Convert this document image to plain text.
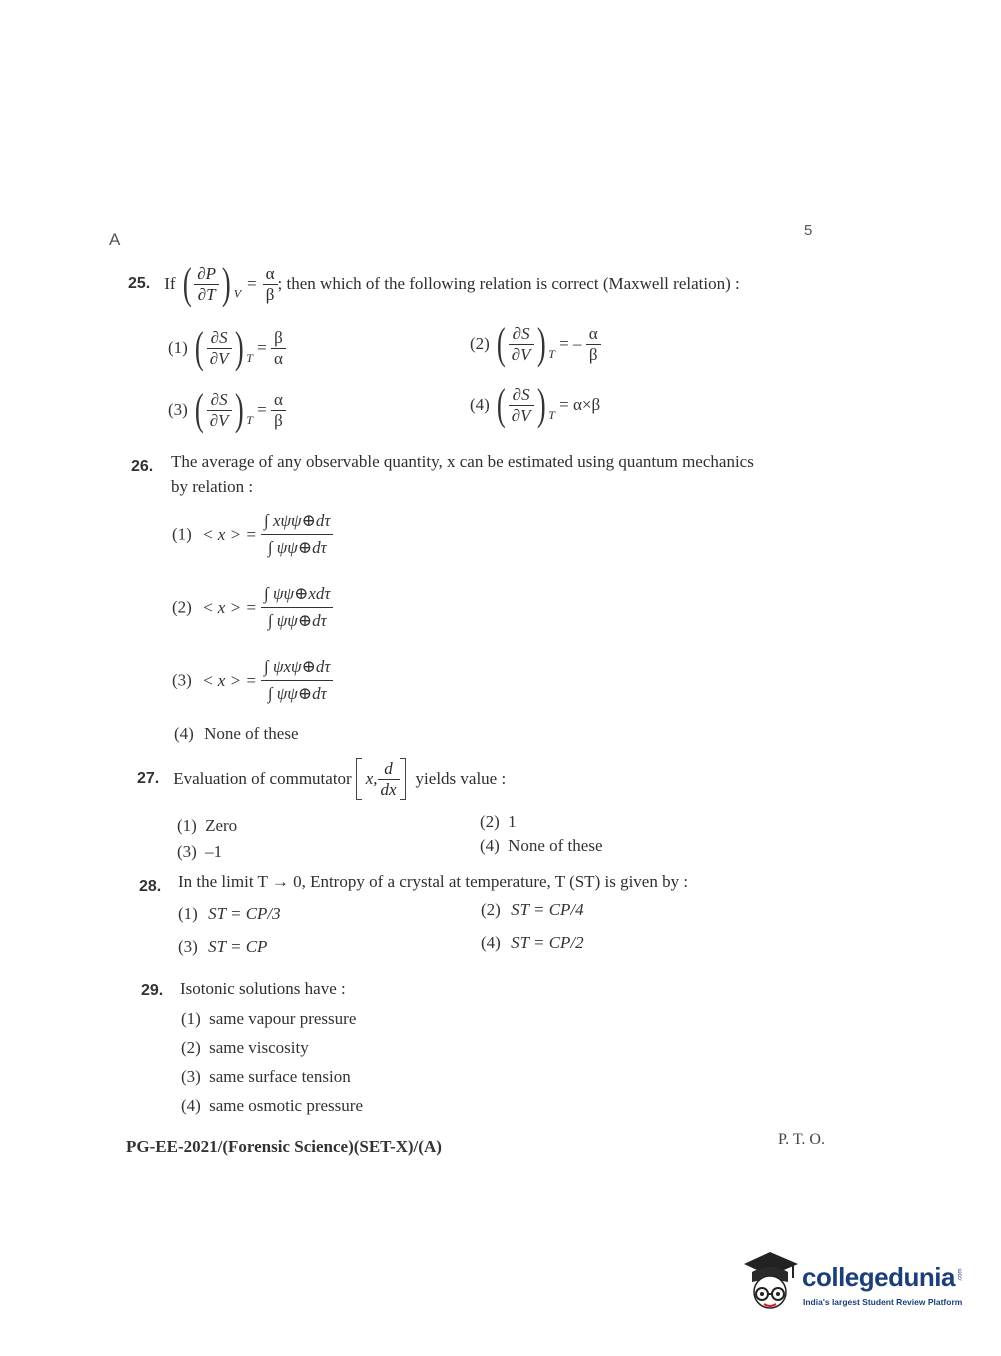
A	5
25. If ( $\frac{\partial P}{\partial T}$ ) $_V = \frac{\alpha}{\beta}$ ; then which of the following relation is correct (Maxwell relation) :
(1) ( $\frac{\partial S}{\partial V}$ ) $_T = \frac{\beta}{\alpha}$	(2) ( $\frac{\partial S}{\partial V}$ ) $_T$ = – $\frac{\alpha}{\beta}$
(3) ( $\frac{\partial S}{\partial V}$ ) $_T = \frac{\alpha}{\beta}$	(4) ( $\frac{\partial S}{\partial V}$ ) $_T$ = α×β
26. The average of any observable quantity, x can be estimated using quantum mechanics
by relation :
(1) < x > = $\frac{\text{∫ xψψ⊕dτ}}{\int \psi\psi\oplus d\tau}$
(2) < x > = $\frac{\text{∫ ψψ⊕xdτ}}{\int \psi\psi\oplus d\tau}$
(3) < x > = $\frac{\text{∫ ψxψ⊕dτ}}{\int \psi\psi\oplus d\tau}$
(4) None of these
27. Evaluation of commutator x, $\frac{d}{dx}$ yields value :
(1) Zero	(2) 1
(3) –1	(4) None of these
28. In the limit T → 0, Entropy of a crystal at temperature, T (ST) is given by :
(1) ST = CP/3	(2) ST = CP/4
(3) ST = CP	(4) ST = CP/2
29. Isotonic solutions have :
(1) same vapour pressure
(2) same viscosity
(3) same surface tension
(4) same osmotic pressure
PG-EE-2021/(Forensic Science)(SET-X)/(A)	P. T. O.
collegedunia .com
India's largest Student Review Platform
